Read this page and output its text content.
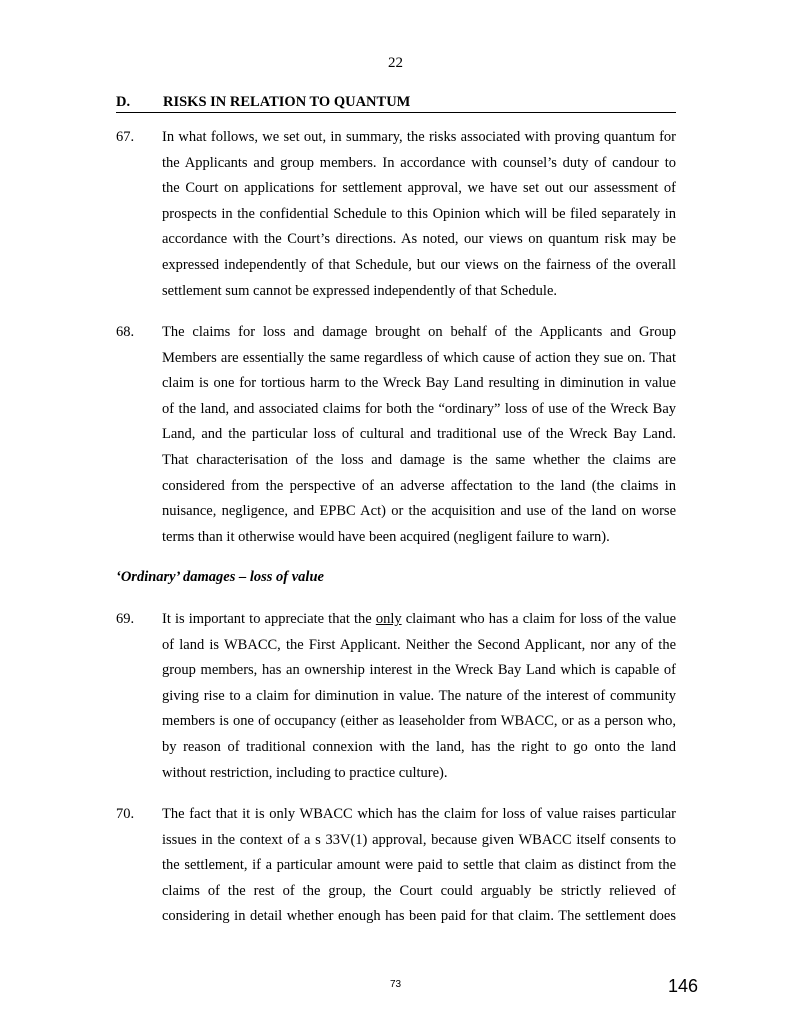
22
D. RISKS IN RELATION TO QUANTUM
67. In what follows, we set out, in summary, the risks associated with proving quantum for
the Applicants and group members. In accordance with counsel’s duty of candour to
the Court on applications for settlement approval, we have set out our assessment of
prospects in the confidential Schedule to this Opinion which will be filed separately in
accordance with the Court’s directions. As noted, our views on quantum risk may be
expressed independently of that Schedule, but our views on the fairness of the overall
settlement sum cannot be expressed independently of that Schedule.
68. The claims for loss and damage brought on behalf of the Applicants and Group
Members are essentially the same regardless of which cause of action they sue on. That
claim is one for tortious harm to the Wreck Bay Land resulting in diminution in value
of the land, and associated claims for both the “ordinary” loss of use of the Wreck Bay
Land, and the particular loss of cultural and traditional use of the Wreck Bay Land.
That characterisation of the loss and damage is the same whether the claims are
considered from the perspective of an adverse affectation to the land (the claims in
nuisance, negligence, and EPBC Act) or the acquisition and use of the land on worse
terms than it otherwise would have been acquired (negligent failure to warn).
‘Ordinary’ damages – loss of value
69. It is important to appreciate that the only claimant who has a claim for loss of the value
of land is WBACC, the First Applicant. Neither the Second Applicant, nor any of the
group members, has an ownership interest in the Wreck Bay Land which is capable of
giving rise to a claim for diminution in value. The nature of the interest of community
members is one of occupancy (either as leaseholder from WBACC, or as a person who,
by reason of traditional connexion with the land, has the right to go onto the land
without restriction, including to practice culture).
70. The fact that it is only WBACC which has the claim for loss of value raises particular
issues in the context of a s 33V(1) approval, because given WBACC itself consents to
the settlement, if a particular amount were paid to settle that claim as distinct from the
claims of the rest of the group, the Court could arguably be strictly relieved of
considering in detail whether enough has been paid for that claim. The settlement does
73	146
